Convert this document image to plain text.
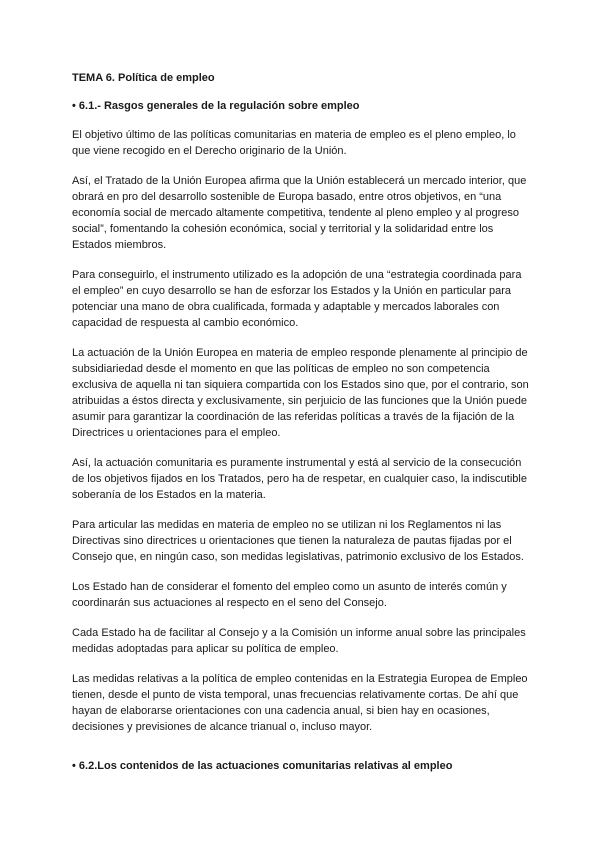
TEMA 6. Política de empleo

• 6.1.- Rasgos generales de la regulación sobre empleo

El objetivo último de las políticas comunitarias en materia de empleo es el pleno empleo, lo que viene recogido en el Derecho originario de la Unión.

Así, el Tratado de la Unión Europea afirma que la Unión establecerá un mercado interior, que obrará en pro del desarrollo sostenible de Europa basado, entre otros objetivos, en “una economía social de mercado altamente competitiva, tendente al pleno empleo y al progreso social”, fomentando la cohesión económica, social y territorial y la solidaridad entre los Estados miembros.

Para conseguirlo, el instrumento utilizado es la adopción de una “estrategia coordinada para el empleo” en cuyo desarrollo se han de esforzar los Estados y la Unión en particular para potenciar una mano de obra cualificada, formada y adaptable y mercados laborales con capacidad de respuesta al cambio económico.

La actuación de la Unión Europea en materia de empleo responde plenamente al principio de subsidiariedad desde el momento en que las políticas de empleo no son competencia exclusiva de aquella ni tan siquiera compartida con los Estados sino que, por el contrario, son atribuidas a éstos directa y exclusivamente, sin perjuicio de las funciones que la Unión puede asumir para garantizar la coordinación de las referidas políticas a través de la fijación de la Directrices u orientaciones para el empleo.

Así, la actuación comunitaria es puramente instrumental y está al servicio de la consecución de los objetivos fijados en los Tratados, pero ha de respetar, en cualquier caso, la indiscutible soberanía de los Estados en la materia.

Para articular las medidas en materia de empleo no se utilizan ni los Reglamentos ni las Directivas sino directrices u orientaciones que tienen la naturaleza de pautas fijadas por el Consejo que, en ningún caso, son medidas legislativas, patrimonio exclusivo de los Estados.

Los Estado han de considerar el fomento del empleo como un asunto de interés común y coordinarán sus actuaciones al respecto en el seno del Consejo.

Cada Estado ha de facilitar al Consejo y a la Comisión un informe anual sobre las principales medidas adoptadas para aplicar su política de empleo.

Las medidas relativas a la política de empleo contenidas en la Estrategia Europea de Empleo tienen, desde el punto de vista temporal, unas frecuencias relativamente cortas. De ahí que hayan de elaborarse orientaciones con una cadencia anual, si bien hay en ocasiones, decisiones y previsiones de alcance trianual o, incluso mayor.

• 6.2.Los contenidos de las actuaciones comunitarias relativas al empleo
